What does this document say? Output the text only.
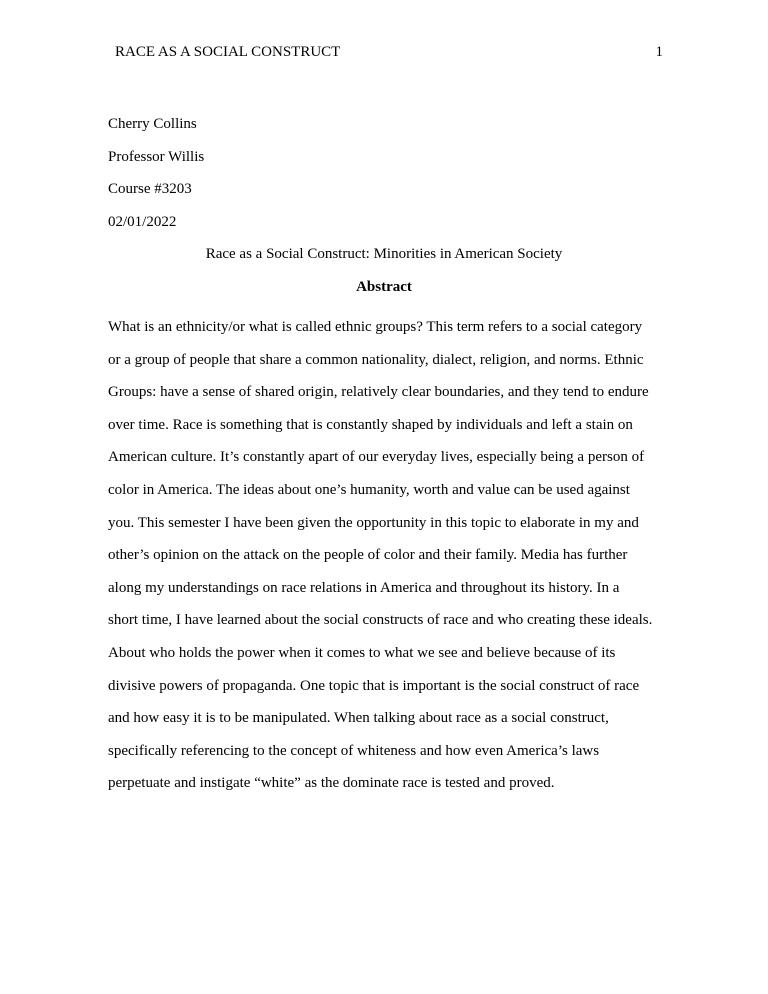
RACE AS A SOCIAL CONSTRUCT	1
Cherry Collins
Professor Willis
Course #3203
02/01/2022
Race as a Social Construct: Minorities in American Society
Abstract
What is an ethnicity/or what is called ethnic groups? This term refers to a social category
or a group of people that share a common nationality, dialect, religion, and norms. Ethnic
Groups: have a sense of shared origin, relatively clear boundaries, and they tend to endure
over time. Race is something that is constantly shaped by individuals and left a stain on
American culture. It’s constantly apart of our everyday lives, especially being a person of
color in America. The ideas about one’s humanity, worth and value can be used against
you. This semester I have been given the opportunity in this topic to elaborate in my and
other’s opinion on the attack on the people of color and their family. Media has further
along my understandings on race relations in America and throughout its history. In a
short time, I have learned about the social constructs of race and who creating these ideals.
About who holds the power when it comes to what we see and believe because of its
divisive powers of propaganda. One topic that is important is the social construct of race
and how easy it is to be manipulated. When talking about race as a social construct,
specifically referencing to the concept of whiteness and how even America’s laws
perpetuate and instigate “white” as the dominate race is tested and proved.
